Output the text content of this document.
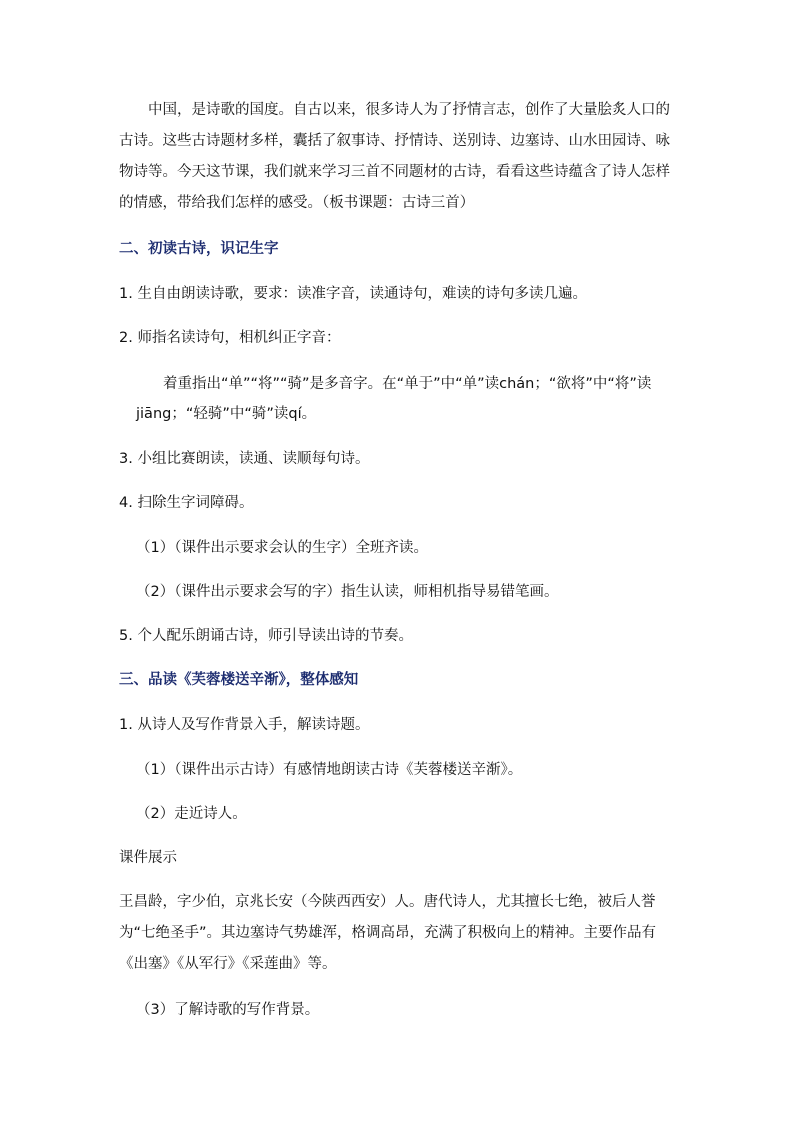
中国，是诗歌的国度。自古以来，很多诗人为了抒情言志，创作了大量脍炙人口的古诗。这些古诗题材多样，囊括了叙事诗、抒情诗、送别诗、边塞诗、山水田园诗、咏物诗等。今天这节课，我们就来学习三首不同题材的古诗，看看这些诗蕴含了诗人怎样的情感，带给我们怎样的感受。（板书课题：古诗三首）

二、初读古诗，识记生字

1. 生自由朗读诗歌，要求：读准字音，读通诗句，难读的诗句多读几遍。

2. 师指名读诗句，相机纠正字音：

着重指出“单”“将”“骑”是多音字。在“单于”中“单”读chán；“欲将”中“将”读jiāng；“轻骑”中“骑”读qí。

3. 小组比赛朗读，读通、读顺每句诗。

4. 扫除生字词障碍。

（1）（课件出示要求会认的生字）全班齐读。

（2）（课件出示要求会写的字）指生认读，师相机指导易错笔画。

5. 个人配乐朗诵古诗，师引导读出诗的节奏。

三、品读《芙蓉楼送辛渐》，整体感知

1. 从诗人及写作背景入手，解读诗题。

（1）（课件出示古诗）有感情地朗读古诗《芙蓉楼送辛渐》。

（2）走近诗人。

课件展示

王昌龄，字少伯，京兆长安（今陕西西安）人。唐代诗人，尤其擅长七绝，被后人誉为“七绝圣手”。其边塞诗气势雄浑，格调高昂，充满了积极向上的精神。主要作品有《出塞》《从军行》《采莲曲》等。

（3）了解诗歌的写作背景。
